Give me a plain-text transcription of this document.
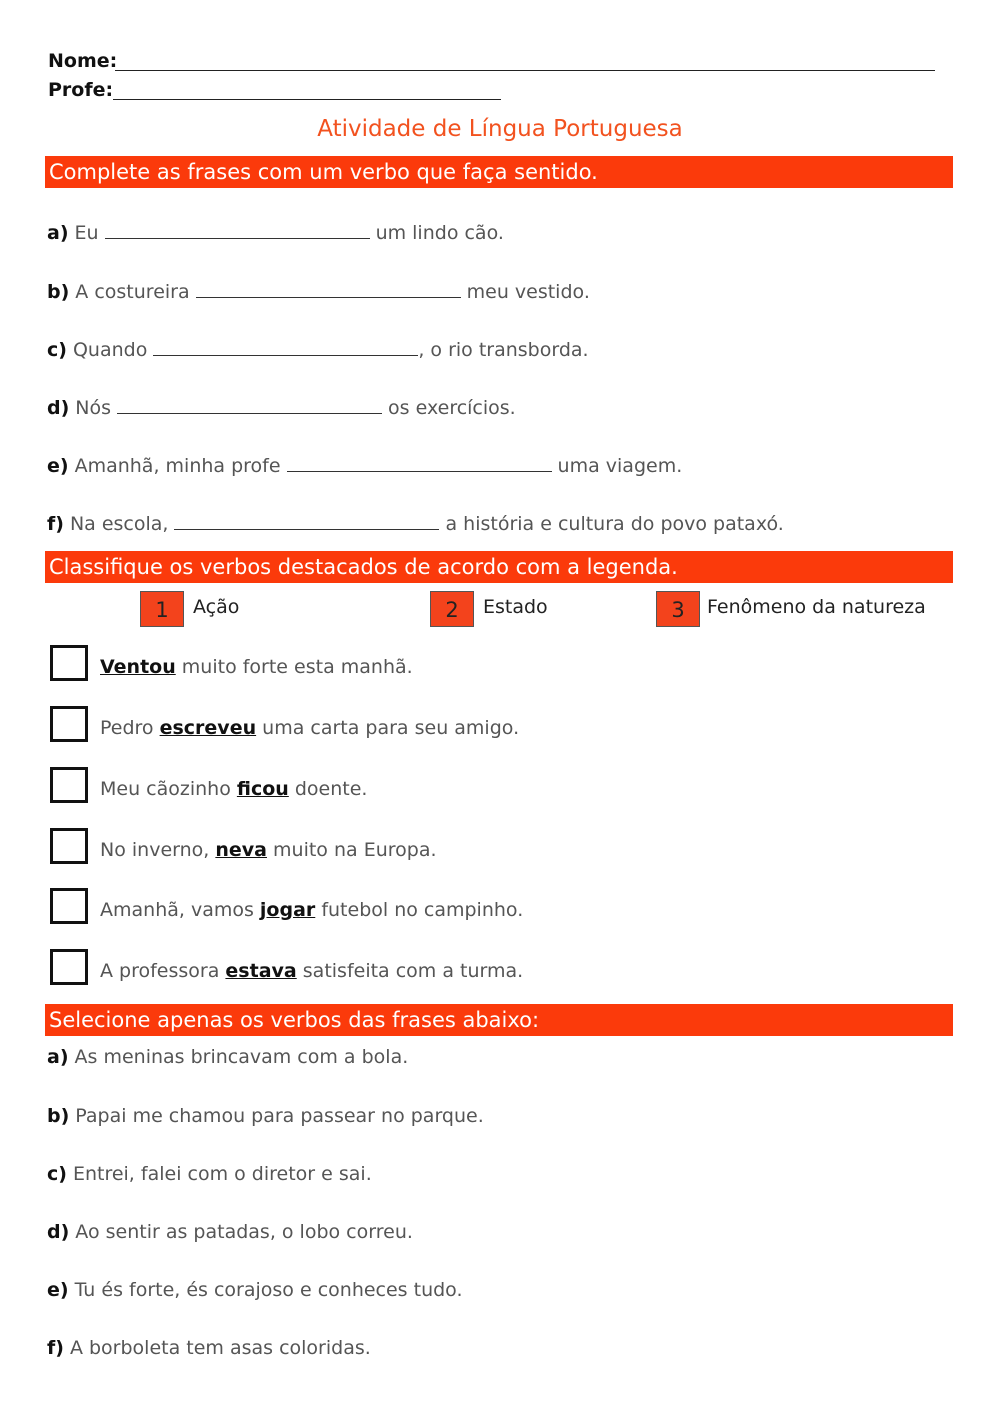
Nome:
Profe:
Atividade de Língua Portuguesa
Complete as frases com um verbo que faça sentido.
a) Eu	um lindo cão.
b) A costureira	meu vestido.
c) Quando	, o rio transborda.
d) Nós	os exercícios.
e) Amanhã, minha profe	uma viagem.
f) Na escola,	a história e cultura do povo pataxó.
Classifique os verbos destacados de acordo com a legenda.
1	Ação	2	Estado	3	Fenômeno da natureza
Ventou muito forte esta manhã.
Pedro escreveu uma carta para seu amigo.
Meu cãozinho ficou doente.
No inverno, neva muito na Europa.
Amanhã, vamos jogar futebol no campinho.
A professora estava satisfeita com a turma.
Selecione apenas os verbos das frases abaixo:
a) As meninas brincavam com a bola.
b) Papai me chamou para passear no parque.
c) Entrei, falei com o diretor e sai.
d) Ao sentir as patadas, o lobo correu.
e) Tu és forte, és corajoso e conheces tudo.
f) A borboleta tem asas coloridas.
